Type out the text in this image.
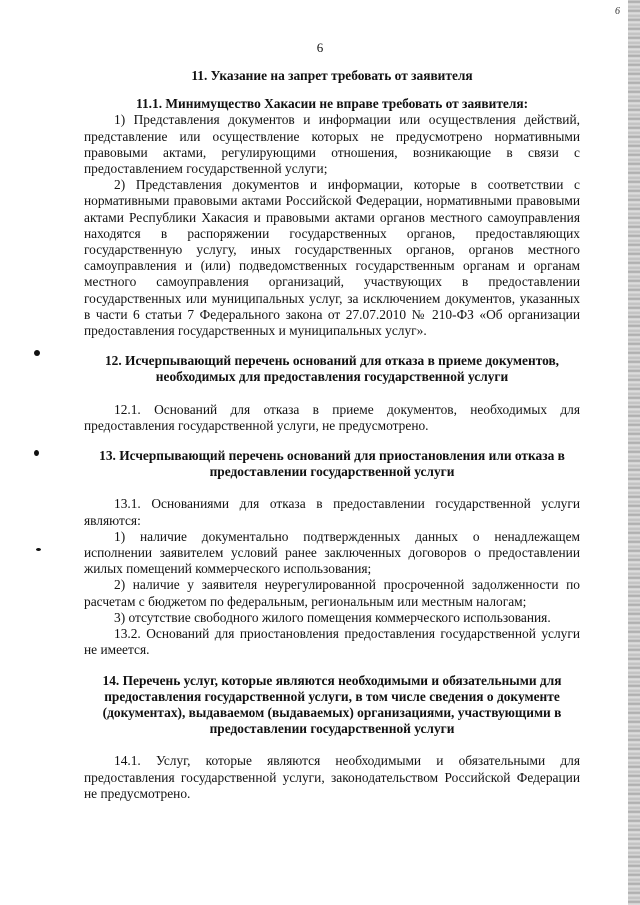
6
6
11. Указание на запрет требовать от заявителя
11.1. Минимущество Хакасии не вправе требовать от заявителя:

1) Представления документов и информации или осуществления действий, представление или осуществление которых не предусмотрено нормативными правовыми актами, регулирующими отношения, возникающие в связи с предоставлением государственной услуги;

2) Представления документов и информации, которые в соответствии с нормативными правовыми актами Российской Федерации, нормативными правовыми актами Республики Хакасия и правовыми актами органов местного самоуправления находятся в распоряжении государственных органов, предоставляющих государственную услугу, иных государственных органов, органов местного самоуправления и (или) подведомственных государственным органам и органам местного самоуправления организаций, участвующих в предоставлении государственных или муниципальных услуг, за исключением документов, указанных в части 6 статьи 7 Федерального закона от 27.07.2010 № 210-ФЗ «Об организации предоставления государственных и муниципальных услуг».

12. Исчерпывающий перечень оснований для отказа в приеме документов, необходимых для предоставления государственной услуги

12.1. Оснований для отказа в приеме документов, необходимых для предоставления государственной услуги, не предусмотрено.

13. Исчерпывающий перечень оснований для приостановления или отказа в предоставлении государственной услуги

13.1. Основаниями для отказа в предоставлении государственной услуги являются:

1) наличие документально подтвержденных данных о ненадлежащем исполнении заявителем условий ранее заключенных договоров о предоставлении жилых помещений коммерческого использования;

2) наличие у заявителя неурегулированной просроченной задолженности по расчетам с бюджетом по федеральным, региональным или местным налогам;

3) отсутствие свободного жилого помещения коммерческого использования.

13.2. Оснований для приостановления предоставления государственной услуги не имеется.

14. Перечень услуг, которые являются необходимыми и обязательными для предоставления государственной услуги, в том числе сведения о документе (документах), выдаваемом (выдаваемых) организациями, участвующими в предоставлении государственной услуги

14.1. Услуг, которые являются необходимыми и обязательными для предоставления государственной услуги, законодательством Российской Федерации не предусмотрено.
